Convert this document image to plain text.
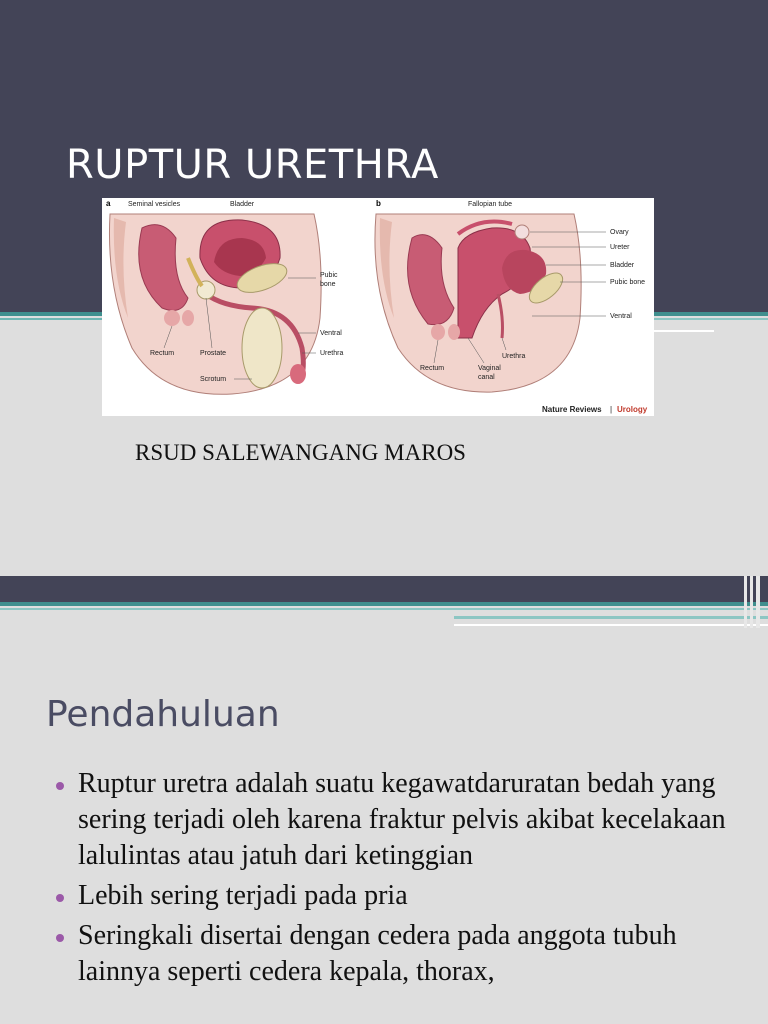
RUPTUR URETHRA
a	Seminal vesicles	Bladder
Pubic
bone
Ventral
Urethra
Rectum	Prostate
Scrotum
b	Fallopian tube
Ovary
Ureter
Bladder
Pubic bone
Ventral
Urethra
Rectum	Vaginal
canal
Nature Reviews | Urology
RSUD SALEWANGANG MAROS
Pendahuluan
Ruptur uretra adalah suatu kegawatdaruratan bedah yang sering terjadi oleh karena fraktur pelvis akibat kecelakaan lalulintas atau jatuh dari ketinggian
Lebih sering terjadi pada pria
Seringkali disertai dengan cedera pada anggota tubuh lainnya seperti cedera kepala, thorax,
